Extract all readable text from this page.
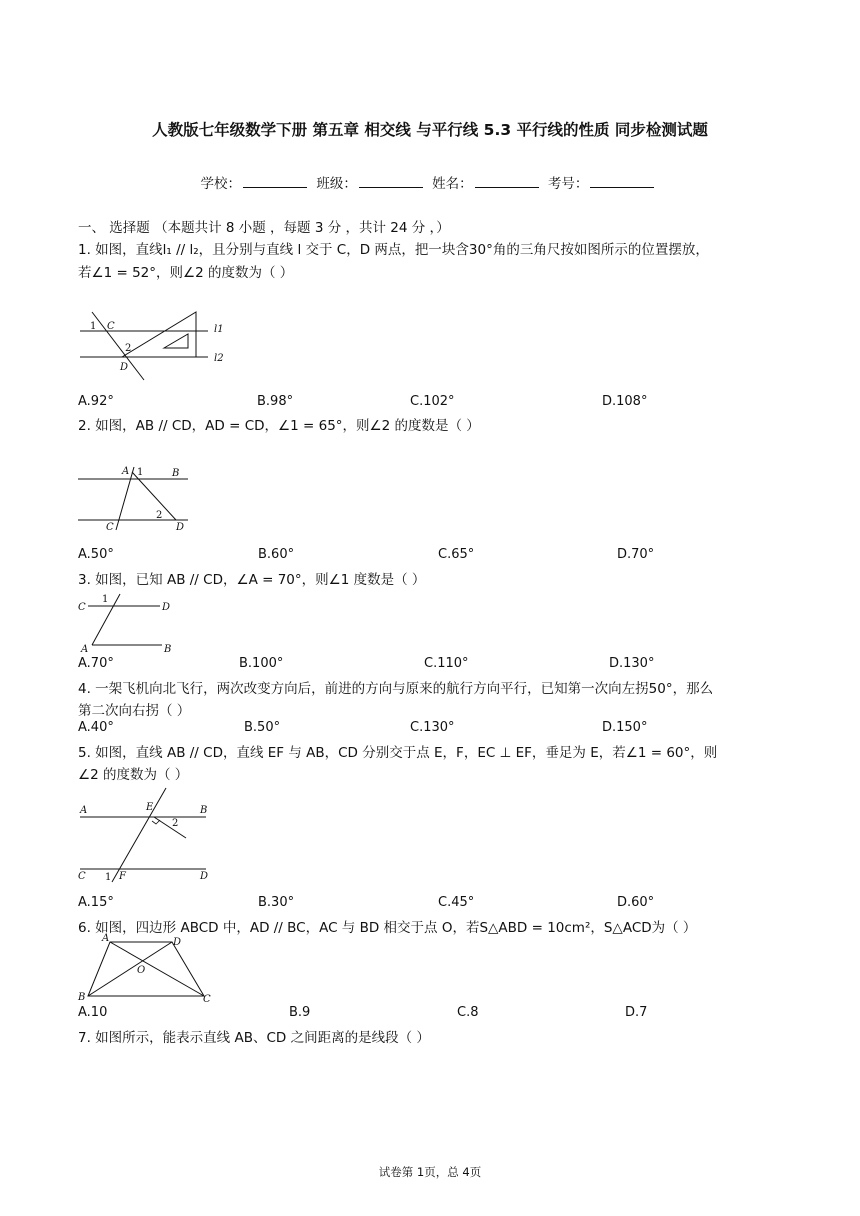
人教版七年级数学下册 第五章 相交线 与平行线 5.3 平行线的性质 同步检测试题
学校：	班级：	姓名：	考号：
一、 选择题 （本题共计 8 小题 ，每题 3 分 ，共计 24 分 ，）
1. 如图，直线l₁ // l₂，且分别与直线 l 交于 C，D 两点，把一块含30°角的三角尺按如图所示的位置摆放，
若∠1 = 52°，则∠2 的度数为（ ）
1 C
2
D
l1
l2
A.92°	B.98°	C.102°	D.108°
2. 如图，AB // CD，AD = CD，∠1 = 65°，则∠2 的度数是（ ）
A 1	B
2
C	D
A.50°	B.60°	C.65°	D.70°
3. 如图，已知 AB // CD，∠A = 70°，则∠1 度数是（ ）
C
1
D
A	B
A.70°	B.100°	C.110°	D.130°
4. 一架飞机向北飞行，两次改变方向后，前进的方向与原来的航行方向平行，已知第一次向左拐50°，那么
第二次向右拐（ ）
A.40°	B.50°	C.130°	D.150°
5. 如图，直线 AB // CD，直线 EF 与 AB，CD 分别交于点 E，F，EC ⊥ EF，垂足为 E，若∠1 = 60°，则
∠2 的度数为（ ）
A	E	B
2
C 1 F	D
A.15°	B.30°	C.45°	D.60°
6. 如图，四边形 ABCD 中，AD // BC，AC 与 BD 相交于点 O，若S△ABD = 10cm²，S△ACD为（ ）
A	D
O
B	C
A.10	B.9	C.8	D.7
7. 如图所示，能表示直线 AB、CD 之间距离的是线段（ ）
试卷第 1页，总 4页
